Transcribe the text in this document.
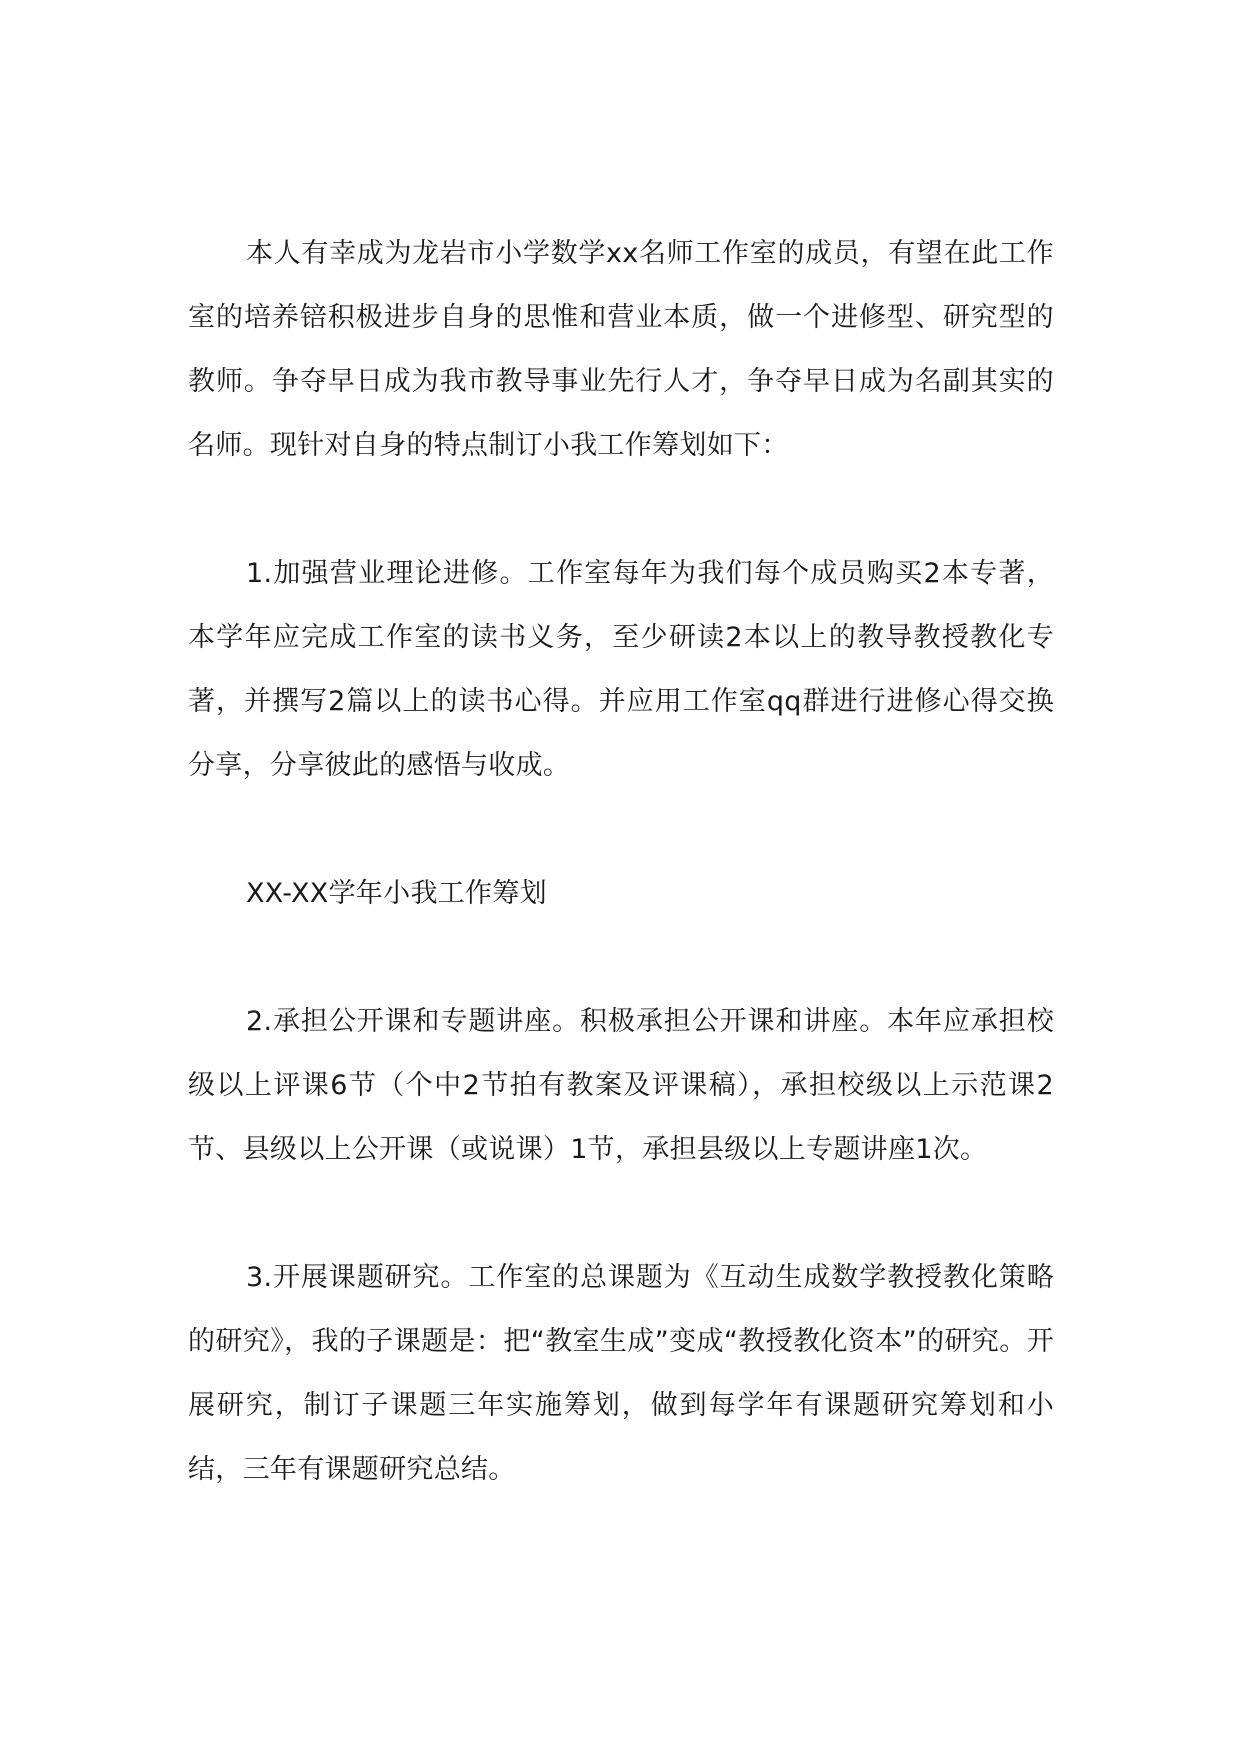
本人有幸成为龙岩市小学数学xx名师工作室的成员，有望在此工作室的培养锫积极进步自身的思惟和营业本质，做一个进修型、研究型的教师。争夺早日成为我市教导事业先行人才，争夺早日成为名副其实的名师。现针对自身的特点制订小我工作筹划如下：

1.加强营业理论进修。工作室每年为我们每个成员购买2本专著，本学年应完成工作室的读书义务，至少研读2本以上的教导教授教化专著，并撰写2篇以上的读书心得。并应用工作室qq群进行进修心得交换分享，分享彼此的感悟与收成。

XX-XX学年小我工作筹划

2.承担公开课和专题讲座。积极承担公开课和讲座。本年应承担校级以上评课6节（个中2节拍有教案及评课稿），承担校级以上示范课2节、县级以上公开课（或说课）1节，承担县级以上专题讲座1次。

3.开展课题研究。工作室的总课题为《互动生成数学教授教化策略的研究》，我的子课题是：把“教室生成”变成“教授教化资本”的研究。开展研究，制订子课题三年实施筹划，做到每学年有课题研究筹划和小结，三年有课题研究总结。
